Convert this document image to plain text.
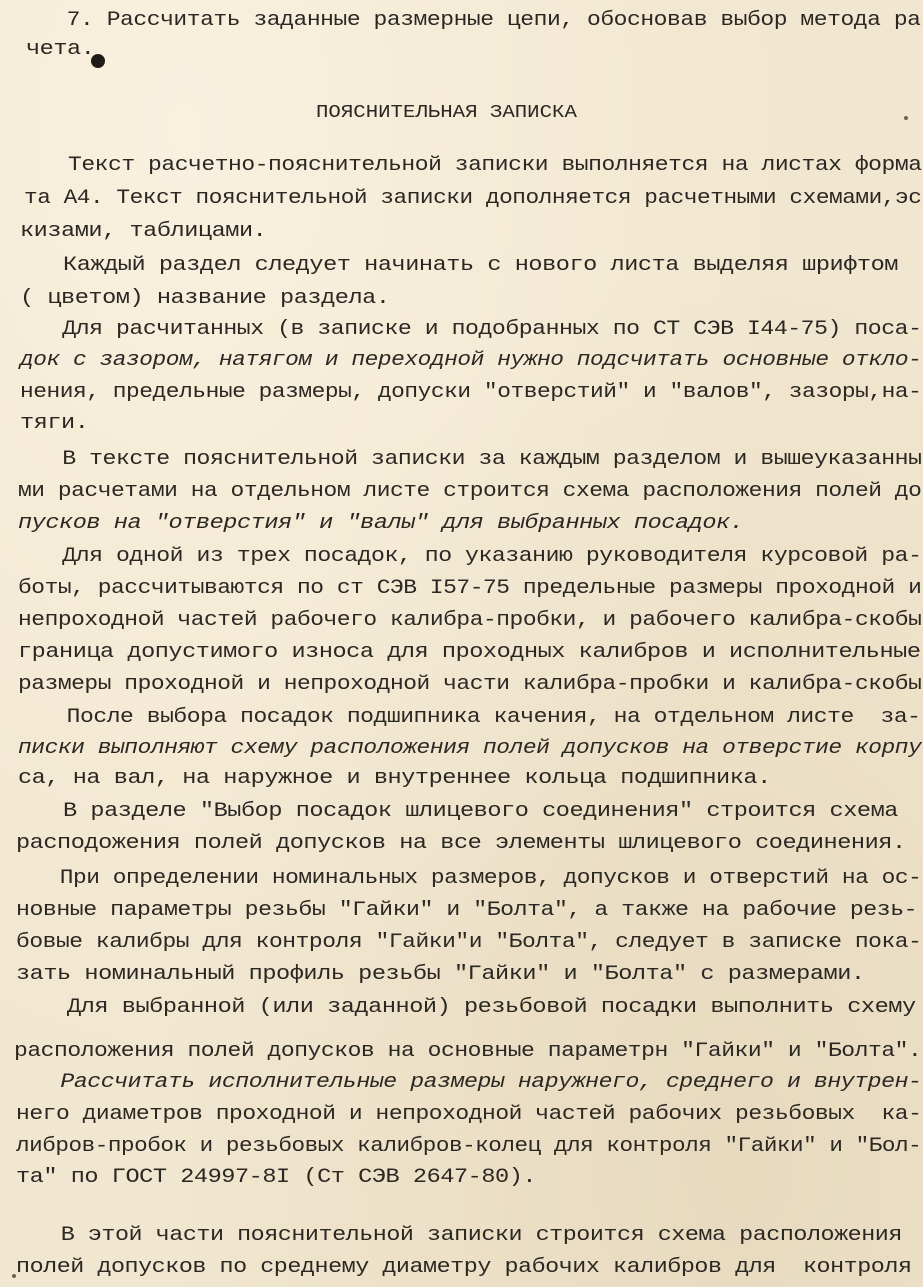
7. Рассчитать заданные размерные цепи, обосновав выбор метода ра
чета.
ПОЯСНИТЕЛЬНАЯ ЗАПИСКА
Текст расчетно-пояснительной записки выполняется на листах форма
та А4. Текст пояснительной записки дополняется расчетными схемами,эс
кизами, таблицами.
Каждый раздел следует начинать с нового листа выделяя шрифтом
( цветом) название раздела.
Для расчитанных (в записке и подобранных по СТ СЭВ I44-75) поса-
док с зазором, натягом и переходной нужно подсчитать основные откло-
нения, предельные размеры, допуски "отверстий" и "валов", зазоры,на-
тяги.
В тексте пояснительной записки за каждым разделом и вышеуказанны
ми расчетами на отдельном листе строится схема расположения полей до
пусков на "отверстия" и "валы" для выбранных посадок.
Для одной из трех посадок, по указанию руководителя курсовой ра-
боты, рассчитываются по ст СЭВ I57-75 предельные размеры проходной и
непроходной частей рабочего калибра-пробки, и рабочего калибра-скобы
граница допустимого износа для проходных калибров и исполнительные
размеры проходной и непроходной части калибра-пробки и калибра-скобы
После выбора посадок подшипника качения, на отдельном листе  за-
писки выполняют схему расположения полей допусков на отверстие корпу
са, на вал, на наружное и внутреннее кольца подшипника.
В разделе "Выбор посадок шлицевого соединения" строится схема
расподожения полей допусков на все элементы шлицевого соединения.
При определении номинальных размеров, допусков и отверстий на ос-
новные параметры резьбы "Гайки" и "Болта", а также на рабочие резь-
бовые калибры для контроля "Гайки"и "Болта", следует в записке пока-
зать номинальный профиль резьбы "Гайки" и "Болта" с размерами.
Для выбранной (или заданной) резьбовой посадки выполнить схему
расположения полей допусков на основные параметрн "Гайки" и "Болта".
Рассчитать исполнительные размеры наружнего, среднего и внутрен-
него диаметров проходной и непроходной частей рабочих резьбовых  ка-
либров-пробок и резьбовых калибров-колец для контроля "Гайки" и "Бол-
та" по ГОСТ 24997-8I (Ст СЭВ 2647-80).
В этой части пояснительной записки строится схема расположения
полей допусков по среднему диаметру рабочих калибров для  контроля
